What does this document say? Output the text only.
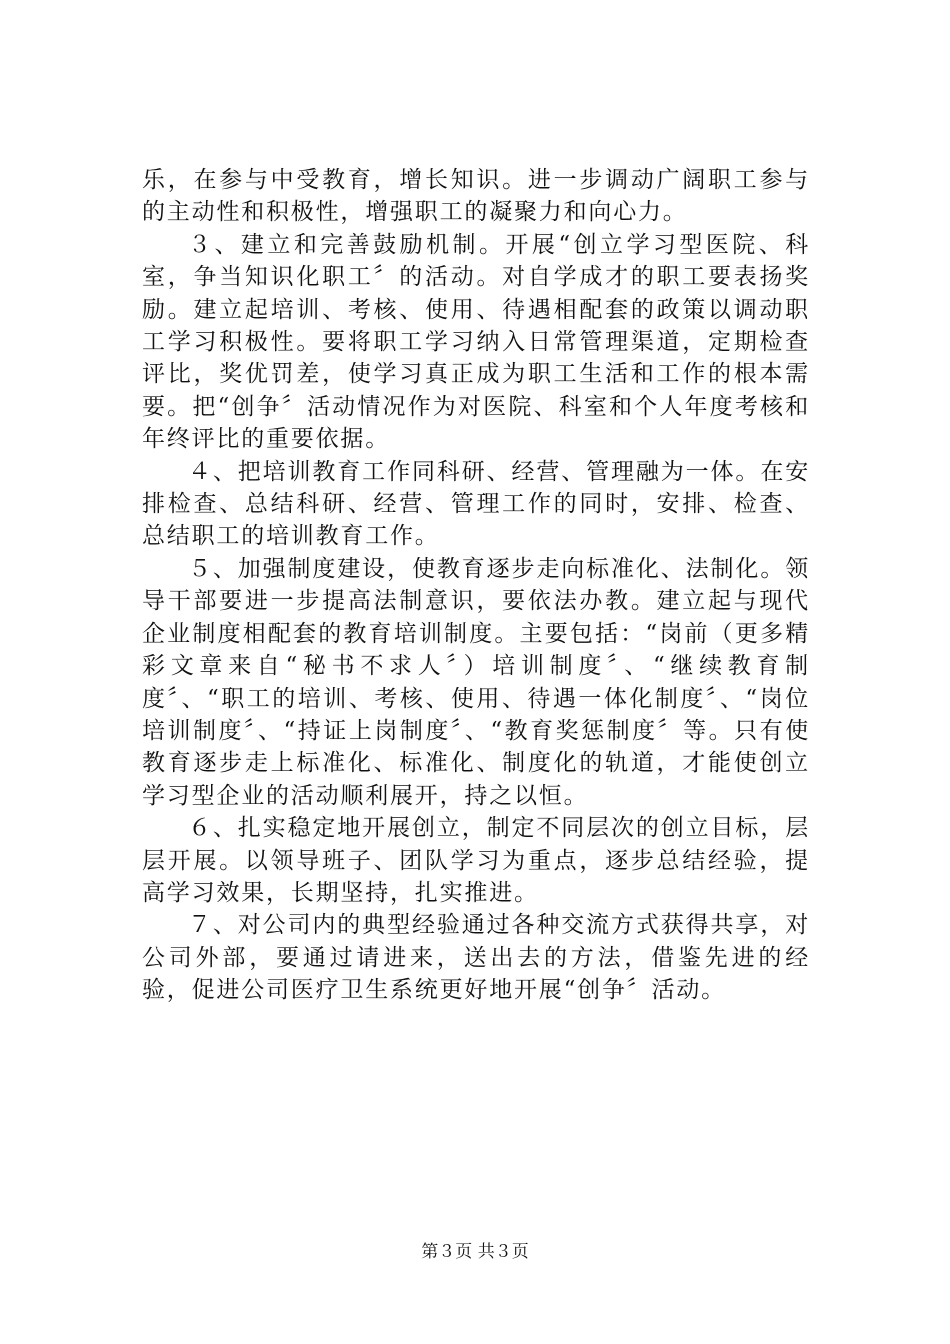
乐，在参与中受教育，增长知识。进一步调动广阔职工参与的主动性和积极性，增强职工的凝聚力和向心力。

３、建立和完善鼓励机制。开展“创立学习型医院、科室，争当知识化职工〞的活动。对自学成才的职工要表扬奖励。建立起培训、考核、使用、待遇相配套的政策以调动职工学习积极性。要将职工学习纳入日常管理渠道，定期检查评比，奖优罚差，使学习真正成为职工生活和工作的根本需要。把“创争〞活动情况作为对医院、科室和个人年度考核和年终评比的重要依据。

４、把培训教育工作同科研、经营、管理融为一体。在安排检查、总结科研、经营、管理工作的同时，安排、检查、总结职工的培训教育工作。

５、加强制度建设，使教育逐步走向标准化、法制化。领导干部要进一步提高法制意识，要依法办教。建立起与现代企业制度相配套的教育培训制度。主要包括：“岗前（更多精彩文章来自“秘书不求人〞）培训制度〞、“继续教育制度〞、“职工的培训、考核、使用、待遇一体化制度〞、“岗位培训制度〞、“持证上岗制度〞、“教育奖惩制度〞等。只有使教育逐步走上标准化、标准化、制度化的轨道，才能使创立学习型企业的活动顺利展开，持之以恒。

６、扎实稳定地开展创立，制定不同层次的创立目标，层层开展。以领导班子、团队学习为重点，逐步总结经验，提高学习效果，长期坚持，扎实推进。

７、对公司内的典型经验通过各种交流方式获得共享，对公司外部，要通过请进来，送出去的方法，借鉴先进的经验，促进公司医疗卫生系统更好地开展“创争〞活动。

第３页 共３页
